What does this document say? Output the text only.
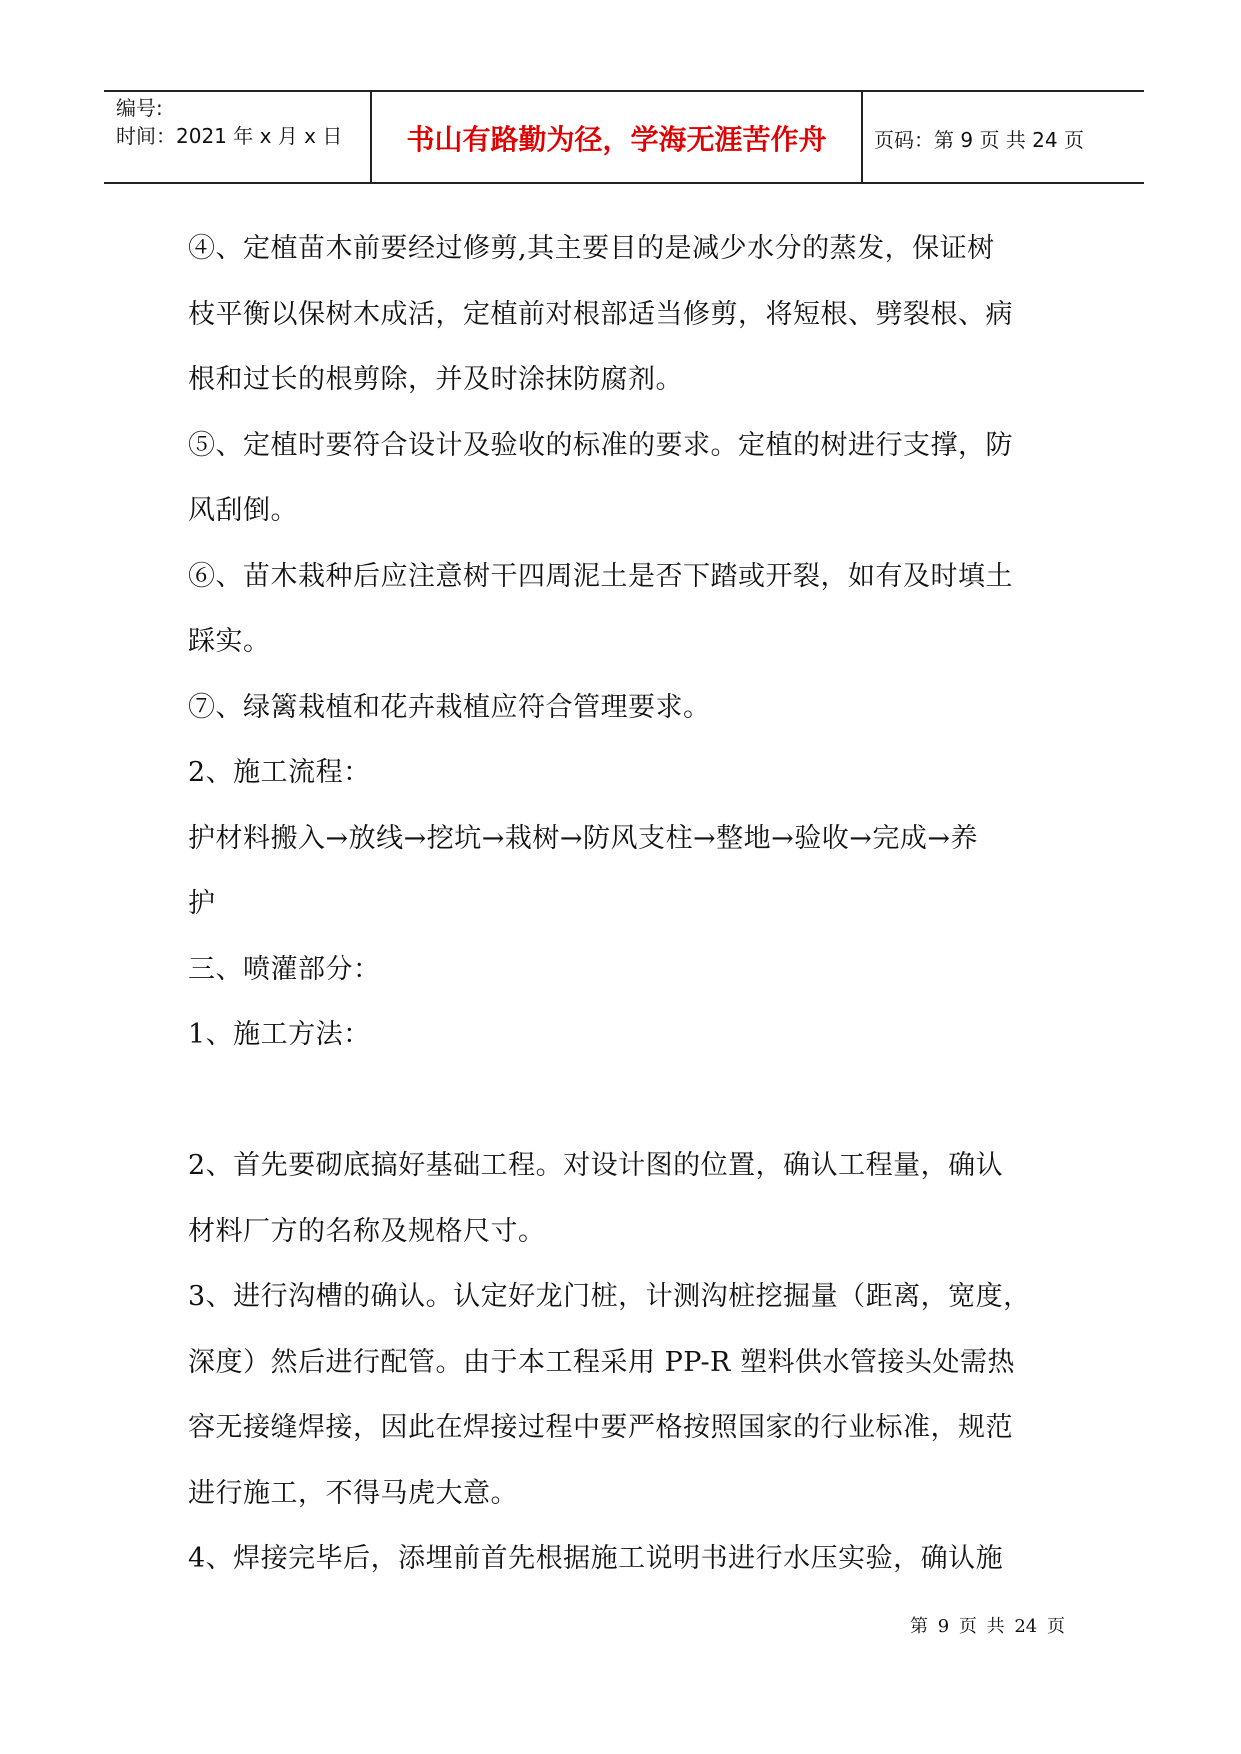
编号:
时间：2021 年 x 月 x 日	书山有路勤为径，学海无涯苦作舟	页码：第 9 页 共 24 页
④、定植苗木前要经过修剪,其主要目的是减少水分的蒸发，保证树
枝平衡以保树木成活，定植前对根部适当修剪，将短根、劈裂根、病
根和过长的根剪除，并及时涂抹防腐剂。
⑤、定植时要符合设计及验收的标准的要求。定植的树进行支撑，防
风刮倒。
⑥、苗木栽种后应注意树干四周泥土是否下踏或开裂，如有及时填土
踩实。
⑦、绿篱栽植和花卉栽植应符合管理要求。
2、施工流程：
护材料搬入→放线→挖坑→栽树→防风支柱→整地→验收→完成→养
护
三、喷灌部分：
1、施工方法：
2、首先要砌底搞好基础工程。对设计图的位置，确认工程量，确认
材料厂方的名称及规格尺寸。
3、进行沟槽的确认。认定好龙门桩，计测沟桩挖掘量（距离，宽度，
深度）然后进行配管。由于本工程采用 PP-R 塑料供水管接头处需热
容无接缝焊接，因此在焊接过程中要严格按照国家的行业标准，规范
进行施工，不得马虎大意。
4、焊接完毕后，添埋前首先根据施工说明书进行水压实验，确认施
第 9 页 共 24 页
